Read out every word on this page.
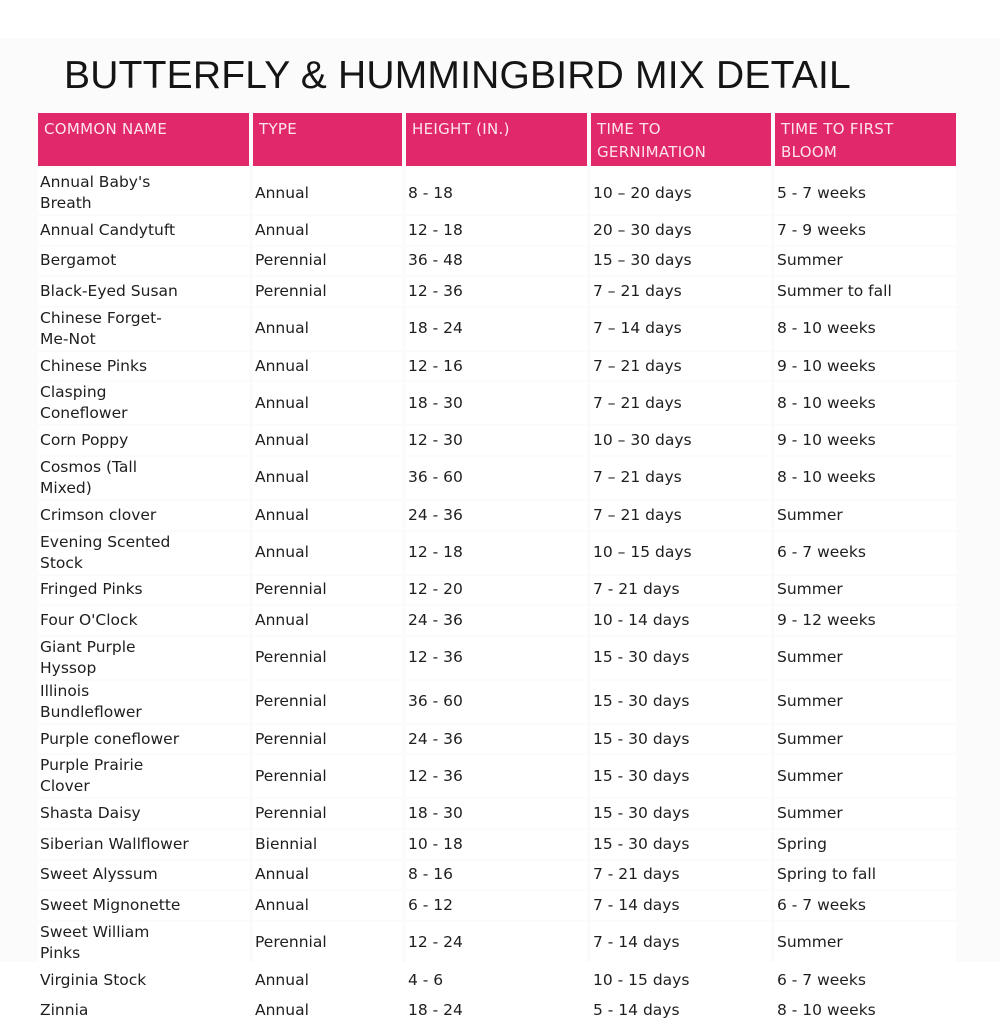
BUTTERFLY & HUMMINGBIRD MIX DETAIL
COMMON NAME	TYPE	HEIGHT (IN.)	TIME TO GERNIMATION	TIME TO FIRST BLOOM
Annual Baby's Breath	Annual	8 - 18	10 – 20 days	5 - 7 weeks
Annual Candytuft	Annual	12 - 18	20 – 30 days	7 - 9 weeks
Bergamot	Perennial	36 - 48	15 – 30 days	Summer
Black-Eyed Susan	Perennial	12 - 36	7 – 21 days	Summer to fall
Chinese Forget-Me-Not	Annual	18 - 24	7 – 14 days	8 - 10 weeks
Chinese Pinks	Annual	12 - 16	7 – 21 days	9 - 10 weeks
Clasping Coneflower	Annual	18 - 30	7 – 21 days	8 - 10 weeks
Corn Poppy	Annual	12 - 30	10 – 30 days	9 - 10 weeks
Cosmos (Tall Mixed)	Annual	36 - 60	7 – 21 days	8 - 10 weeks
Crimson clover	Annual	24 - 36	7 – 21 days	Summer
Evening Scented Stock	Annual	12 - 18	10 – 15 days	6 - 7 weeks
Fringed Pinks	Perennial	12 - 20	7 - 21 days	Summer
Four O'Clock	Annual	24 - 36	10 - 14 days	9 - 12 weeks
Giant Purple Hyssop	Perennial	12 - 36	15 - 30 days	Summer
Illinois Bundleflower	Perennial	36 - 60	15 - 30 days	Summer
Purple coneflower	Perennial	24 - 36	15 - 30 days	Summer
Purple Prairie Clover	Perennial	12 - 36	15 - 30 days	Summer
Shasta Daisy	Perennial	18 - 30	15 - 30 days	Summer
Siberian Wallflower	Biennial	10 - 18	15 - 30 days	Spring
Sweet Alyssum	Annual	8 - 16	7 - 21 days	Spring to fall
Sweet Mignonette	Annual	6 - 12	7 - 14 days	6 - 7 weeks
Sweet William Pinks	Perennial	12 - 24	7 - 14 days	Summer
Virginia Stock	Annual	4 - 6	10 - 15 days	6 - 7 weeks
Zinnia	Annual	18 - 24	5 - 14 days	8 - 10 weeks
